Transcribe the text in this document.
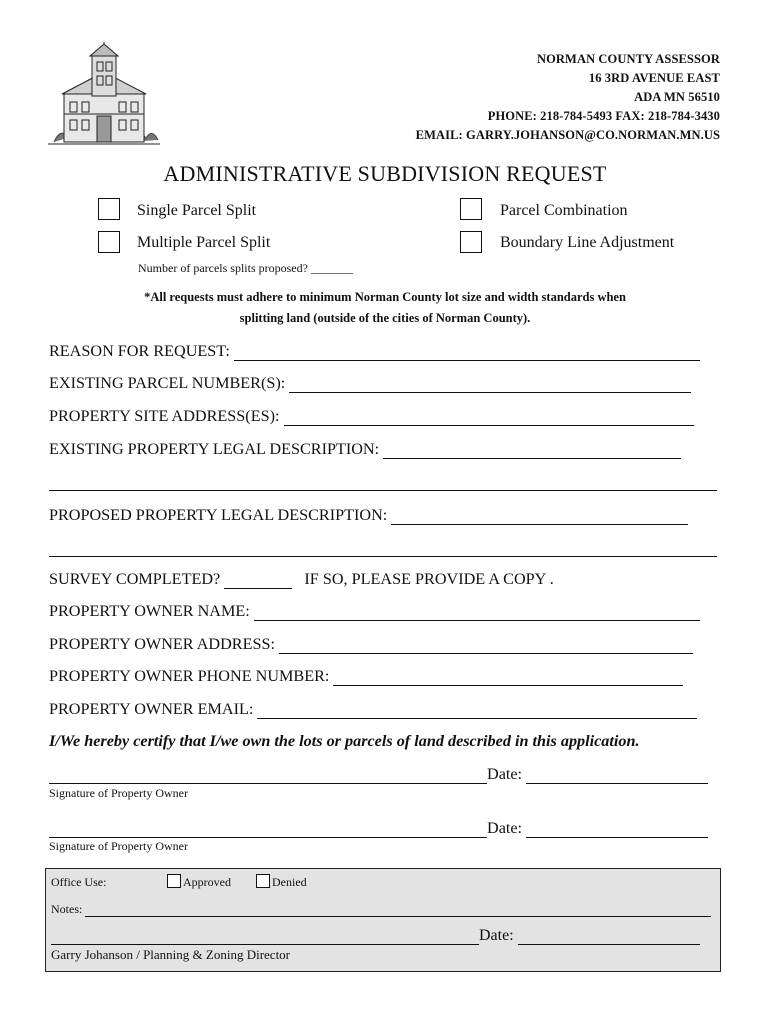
NORMAN COUNTY ASSESSOR
16 3RD AVENUE EAST
ADA MN 56510
PHONE: 218-784-5493 FAX: 218-784-3430
EMAIL: GARRY.JOHANSON@CO.NORMAN.MN.US
ADMINISTRATIVE SUBDIVISION REQUEST
Single Parcel Split	Parcel Combination
Multiple Parcel Split	Boundary Line Adjustment
Number of parcels splits proposed? _______
*All requests must adhere to minimum Norman County lot size and width standards when
splitting land (outside of the cities of Norman County).
REASON FOR REQUEST:
EXISTING PARCEL NUMBER(S):
PROPERTY SITE ADDRESS(ES):
EXISTING PROPERTY LEGAL DESCRIPTION:
PROPOSED PROPERTY LEGAL DESCRIPTION:
SURVEY COMPLETED?	IF SO, PLEASE PROVIDE A COPY .
PROPERTY OWNER NAME:
PROPERTY OWNER ADDRESS:
PROPERTY OWNER PHONE NUMBER:
PROPERTY OWNER EMAIL:
I/We hereby certify that I/we own the lots or parcels of land described in this application.
Date:
Signature of Property Owner
Date:
Signature of Property Owner
Office Use:	Approved	Denied
Notes:
Date:
Garry Johanson / Planning & Zoning Director
